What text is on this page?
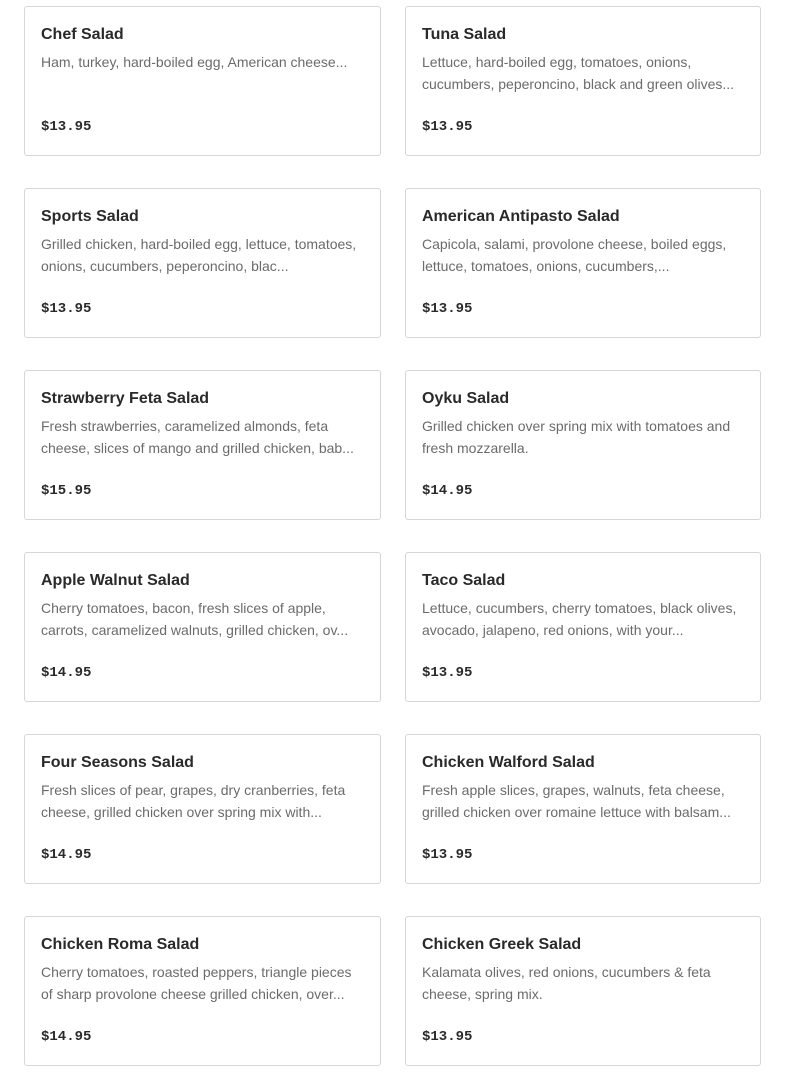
Chef Salad
Ham, turkey, hard-boiled egg, American cheese...
$13.95
Tuna Salad
Lettuce, hard-boiled egg, tomatoes, onions, cucumbers, peperoncino, black and green olives...
$13.95
Sports Salad
Grilled chicken, hard-boiled egg, lettuce, tomatoes, onions, cucumbers, peperoncino, blac...
$13.95
American Antipasto Salad
Capicola, salami, provolone cheese, boiled eggs, lettuce, tomatoes, onions, cucumbers,...
$13.95
Strawberry Feta Salad
Fresh strawberries, caramelized almonds, feta cheese, slices of mango and grilled chicken, bab...
$15.95
Oyku Salad
Grilled chicken over spring mix with tomatoes and fresh mozzarella.
$14.95
Apple Walnut Salad
Cherry tomatoes, bacon, fresh slices of apple, carrots, caramelized walnuts, grilled chicken, ov...
$14.95
Taco Salad
Lettuce, cucumbers, cherry tomatoes, black olives, avocado, jalapeno, red onions, with your...
$13.95
Four Seasons Salad
Fresh slices of pear, grapes, dry cranberries, feta cheese, grilled chicken over spring mix with...
$14.95
Chicken Walford Salad
Fresh apple slices, grapes, walnuts, feta cheese, grilled chicken over romaine lettuce with balsam...
$13.95
Chicken Roma Salad
Cherry tomatoes, roasted peppers, triangle pieces of sharp provolone cheese grilled chicken, over...
$14.95
Chicken Greek Salad
Kalamata olives, red onions, cucumbers & feta cheese, spring mix.
$13.95
